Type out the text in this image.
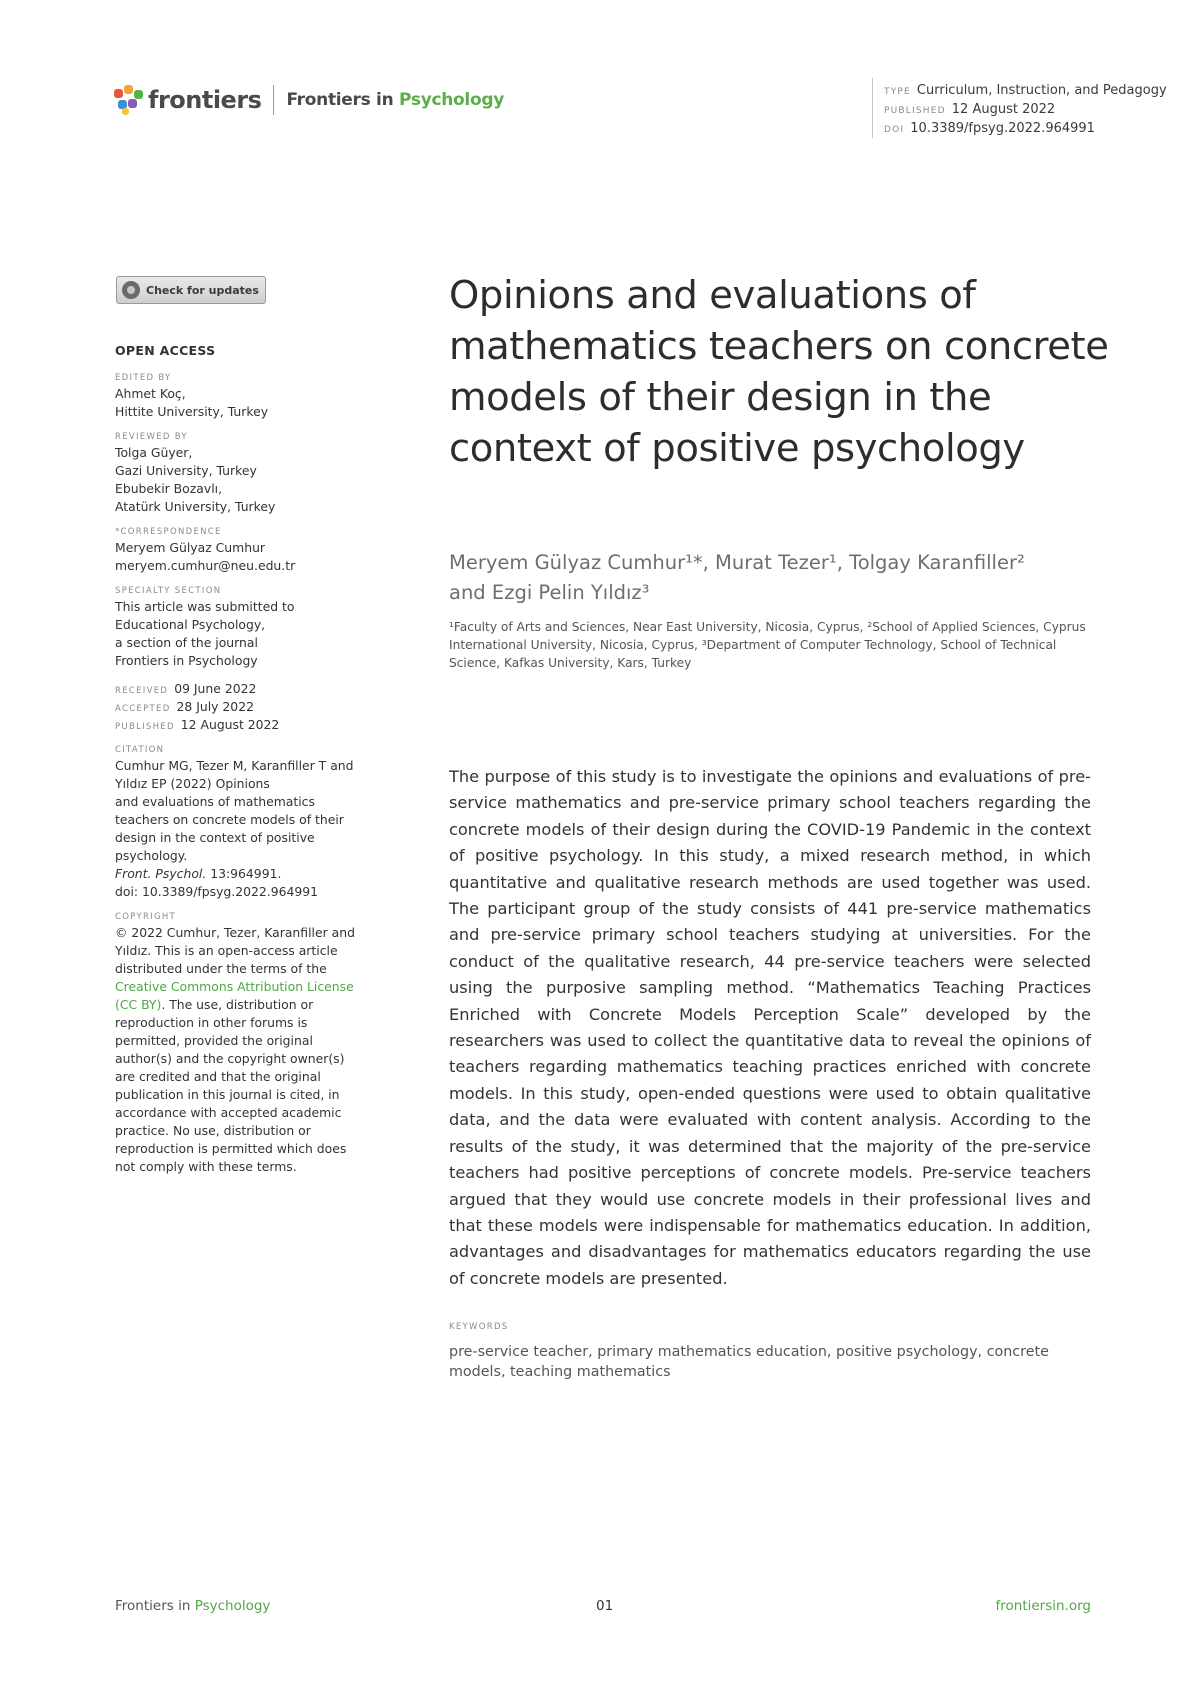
frontiers Frontiers in Psychology	TYPE Curriculum, Instruction, and Pedagogy
PUBLISHED 12 August 2022
DOI 10.3389/fpsyg.2022.964991
Check for updates
OPEN ACCESS
EDITED BY
Ahmet Koç,
Hittite University, Turkey
REVIEWED BY
Tolga Güyer,
Gazi University, Turkey
Ebubekir Bozavlı,
Atatürk University, Turkey
*CORRESPONDENCE
Meryem Gülyaz Cumhur
meryem.cumhur@neu.edu.tr
SPECIALTY SECTION
This article was submitted to
Educational Psychology,
a section of the journal
Frontiers in Psychology
RECEIVED 09 June 2022
ACCEPTED 28 July 2022
PUBLISHED 12 August 2022
CITATION
Cumhur MG, Tezer M, Karanfiller T and
Yıldız EP (2022) Opinions
and evaluations of mathematics
teachers on concrete models of their
design in the context of positive
psychology.
Front. Psychol. 13:964991.
doi: 10.3389/fpsyg.2022.964991
COPYRIGHT
© 2022 Cumhur, Tezer, Karanfiller and
Yıldız. This is an open-access article
distributed under the terms of the
Creative Commons Attribution License
(CC BY). The use, distribution or
reproduction in other forums is
permitted, provided the original
author(s) and the copyright owner(s)
are credited and that the original
publication in this journal is cited, in
accordance with accepted academic
practice. No use, distribution or
reproduction is permitted which does
not comply with these terms.
Opinions and evaluations of mathematics teachers on concrete models of their design in the context of positive psychology
Meryem Gülyaz Cumhur¹*, Murat Tezer¹, Tolgay Karanfiller²
and Ezgi Pelin Yıldız³
¹Faculty of Arts and Sciences, Near East University, Nicosia, Cyprus, ²School of Applied Sciences, Cyprus International University, Nicosia, Cyprus, ³Department of Computer Technology, School of Technical Science, Kafkas University, Kars, Turkey

The purpose of this study is to investigate the opinions and evaluations of pre-service mathematics and pre-service primary school teachers regarding the concrete models of their design during the COVID-19 Pandemic in the context of positive psychology. In this study, a mixed research method, in which quantitative and qualitative research methods are used together was used. The participant group of the study consists of 441 pre-service mathematics and pre-service primary school teachers studying at universities. For the conduct of the qualitative research, 44 pre-service teachers were selected using the purposive sampling method. “Mathematics Teaching Practices Enriched with Concrete Models Perception Scale” developed by the researchers was used to collect the quantitative data to reveal the opinions of teachers regarding mathematics teaching practices enriched with concrete models. In this study, open-ended questions were used to obtain qualitative data, and the data were evaluated with content analysis. According to the results of the study, it was determined that the majority of the pre-service teachers had positive perceptions of concrete models. Pre-service teachers argued that they would use concrete models in their professional lives and that these models were indispensable for mathematics education. In addition, advantages and disadvantages for mathematics educators regarding the use of concrete models are presented.

KEYWORDS
pre-service teacher, primary mathematics education, positive psychology, concrete models, teaching mathematics
Frontiers in Psychology	01	frontiersin.org
